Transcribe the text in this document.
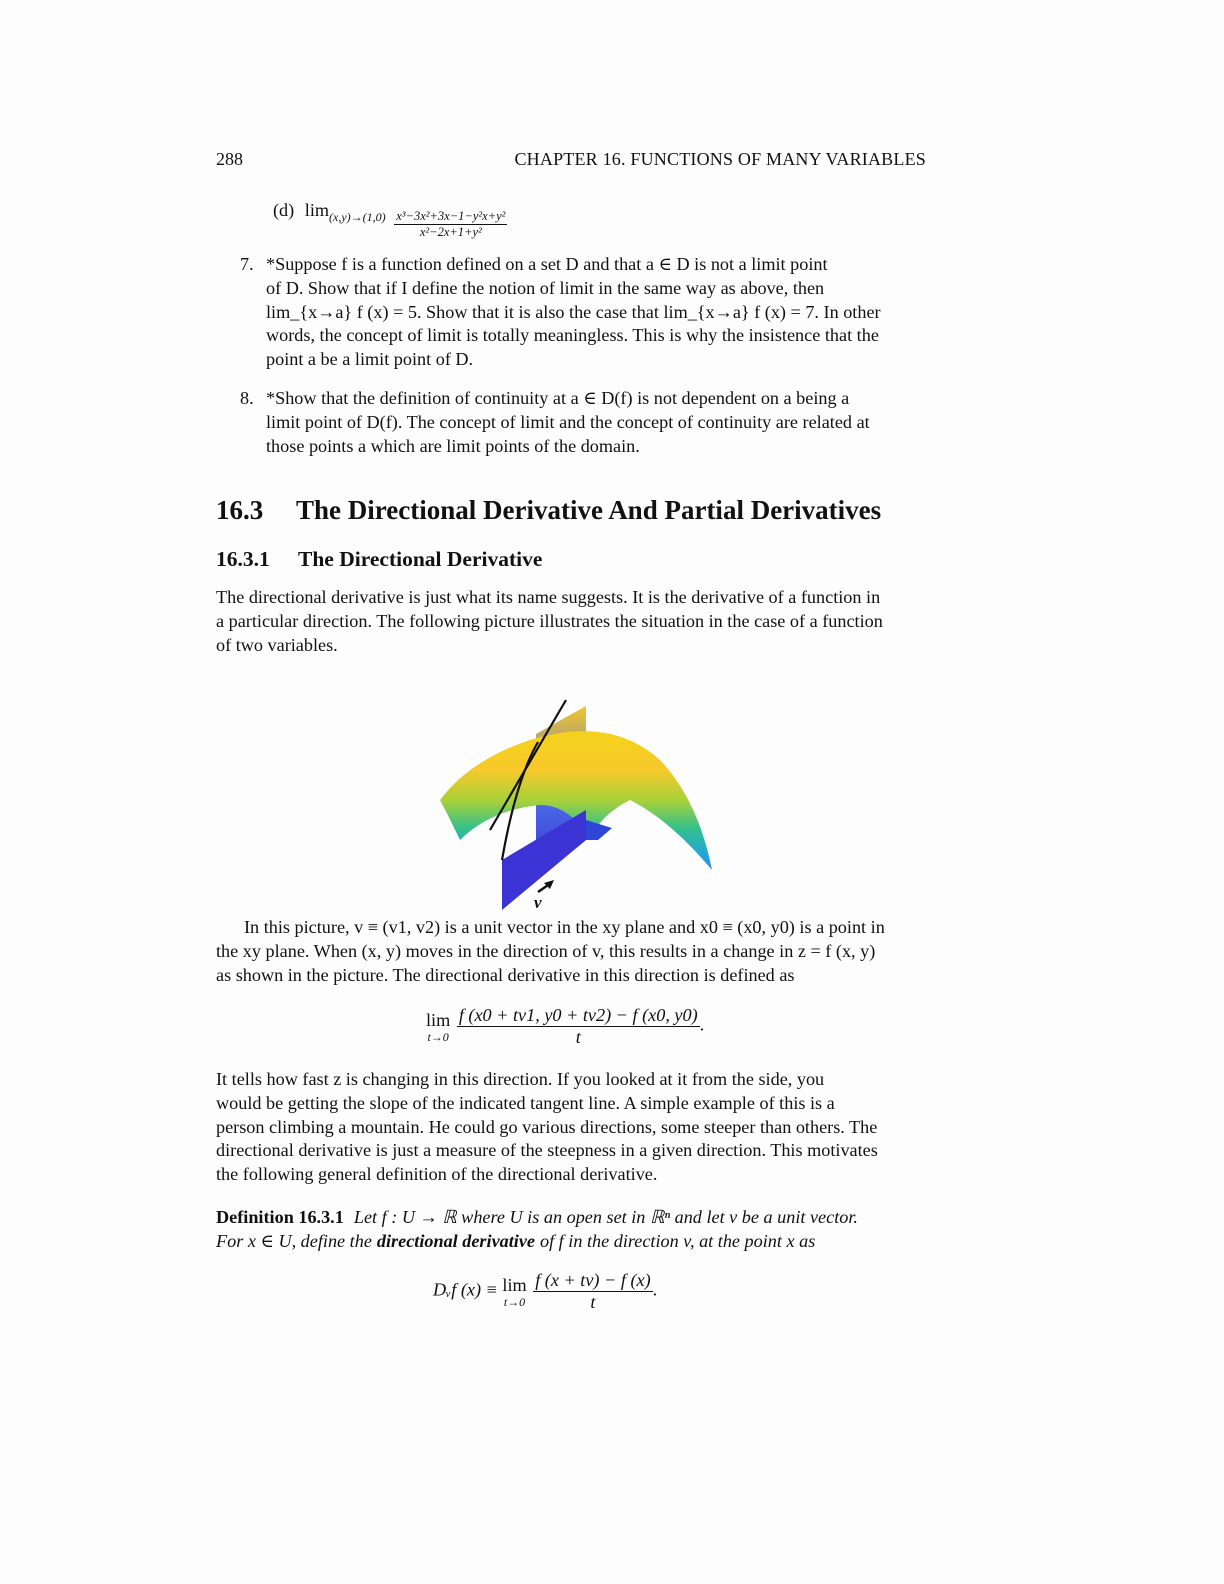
288	CHAPTER 16. FUNCTIONS OF MANY VARIABLES
(d) $\lim_{(x,y)\to(1,0)} \frac{\text{x³−3x²+3x−1−y²x+y²}}{\text{x²−2x+1+y²}}$
7. *Suppose f is a function defined on a set D and that a ∈ D is not a limit point
of D. Show that if I define the notion of limit in the same way as above, then
lim_{x→a} f (x) = 5. Show that it is also the case that lim_{x→a} f (x) = 7. In other
words, the concept of limit is totally meaningless. This is why the insistence that the
point a be a limit point of D.
8. *Show that the definition of continuity at a ∈ D(f) is not dependent on a being a
limit point of D(f). The concept of limit and the concept of continuity are related at
those points a which are limit points of the domain.
16.3 The Directional Derivative And Partial Derivatives
16.3.1 The Directional Derivative
The directional derivative is just what its name suggests. It is the derivative of a function in
a particular direction. The following picture illustrates the situation in the case of a function
of two variables.
v
In this picture, v ≡ (v1, v2) is a unit vector in the xy plane and x0 ≡ (x0, y0) is a point in
the xy plane. When (x, y) moves in the direction of v, this results in a change in z = f (x, y)
as shown in the picture. The directional derivative in this direction is defined as
lim
t→0
$\frac{f (x0 + tv1, y0 + tv2) - f (x0, y0)}{t}$ .
It tells how fast z is changing in this direction. If you looked at it from the side, you
would be getting the slope of the indicated tangent line. A simple example of this is a
person climbing a mountain. He could go various directions, some steeper than others. The
directional derivative is just a measure of the steepness in a given direction. This motivates
the following general definition of the directional derivative.
Definition 16.3.1 Let f : U → ℝ where U is an open set in ℝⁿ and let v be a unit vector.
For x ∈ U, define the directional derivative of f in the direction v, at the point x as
Dᵥf (x) ≡ lim
t→0
$\frac{f (x + tv) - f (x)}{t}$ .
